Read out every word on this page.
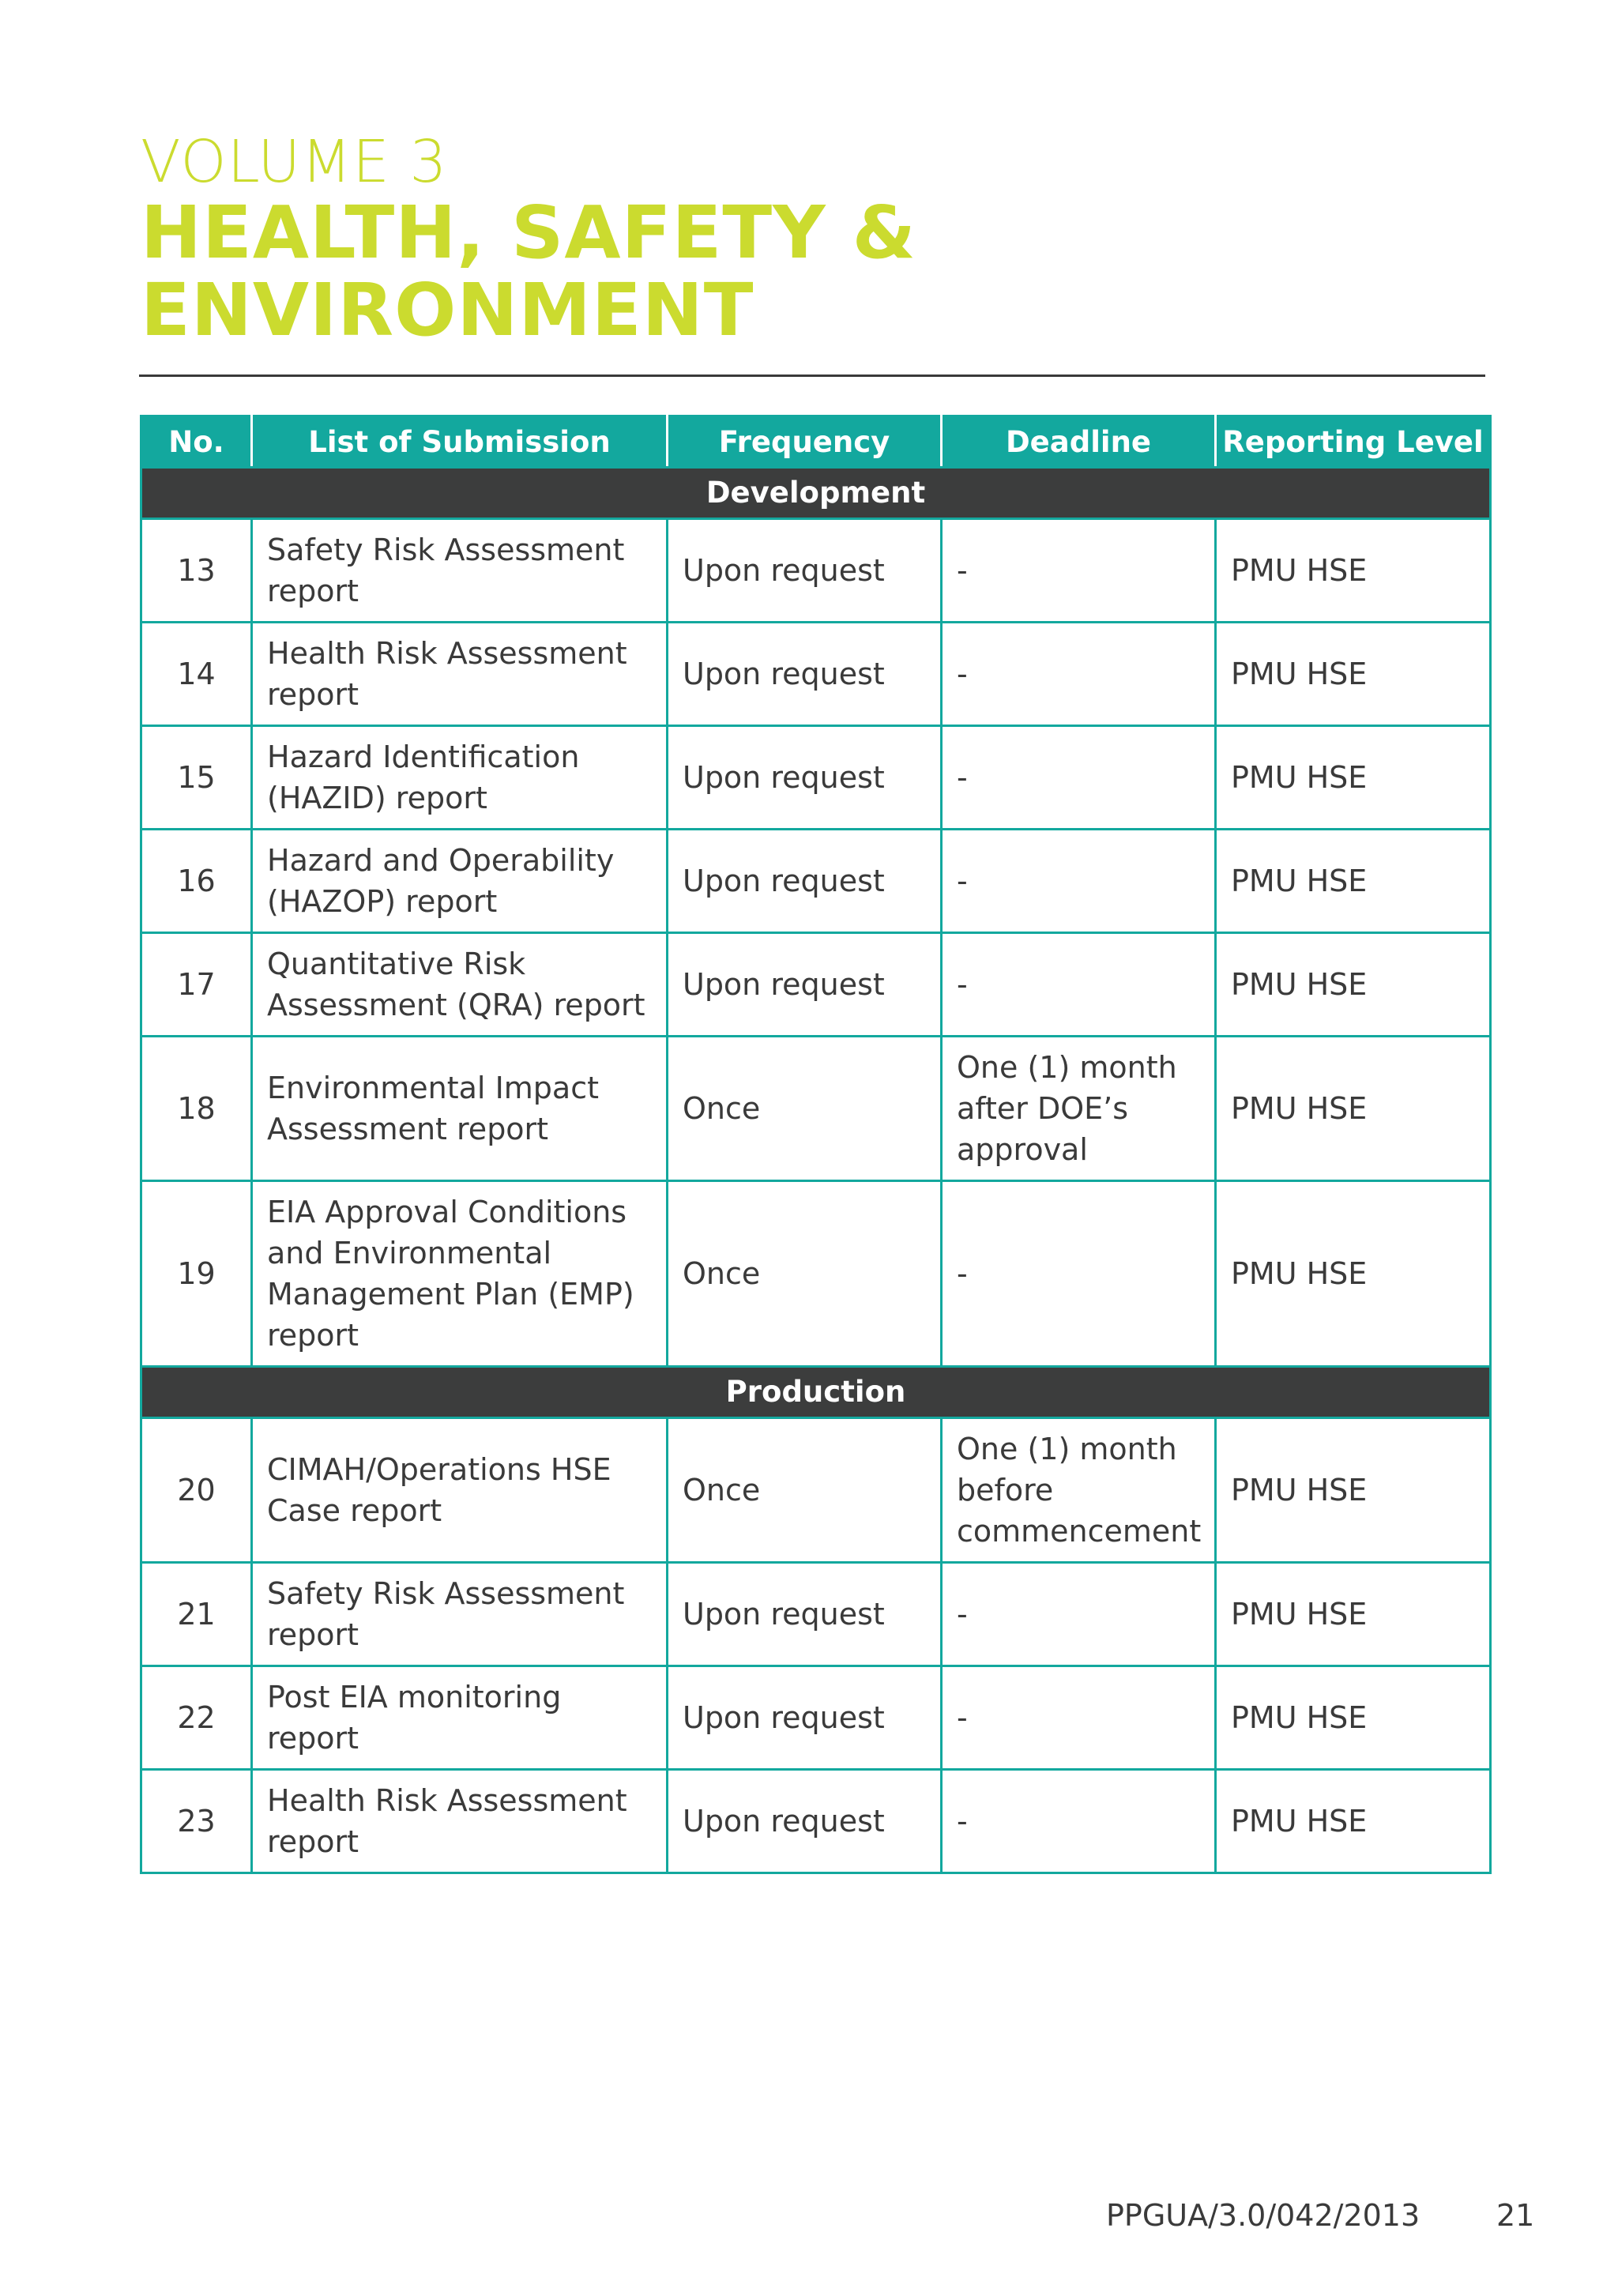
VOLUME 3
HEALTH, SAFETY &
ENVIRONMENT
No.	List of Submission	Frequency	Deadline	Reporting Level
Development				
13	Safety Risk Assessment report	Upon request	-	PMU HSE
14	Health Risk Assessment report	Upon request	-	PMU HSE
15	Hazard Identification (HAZID) report	Upon request	-	PMU HSE
16	Hazard and Operability (HAZOP) report	Upon request	-	PMU HSE
17	Quantitative Risk Assessment (QRA) report	Upon request	-	PMU HSE
18	Environmental Impact Assessment report	Once	One (1) month after DOE’s approval	PMU HSE
19	EIA Approval Conditions and Environmental Management Plan (EMP) report	Once	-	PMU HSE
Production				
20	CIMAH/Operations HSE Case report	Once	One (1) month before commencement	PMU HSE
21	Safety Risk Assessment report	Upon request	-	PMU HSE
22	Post EIA monitoring report	Upon request	-	PMU HSE
23	Health Risk Assessment report	Upon request	-	PMU HSE
PPGUA/3.0/042/2013	21
